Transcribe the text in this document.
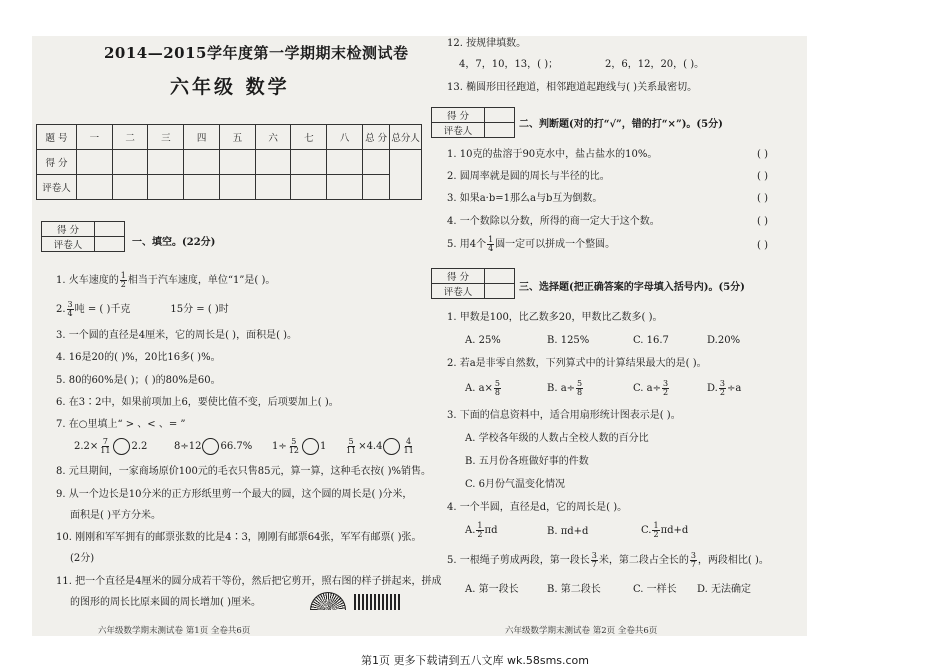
2014—2015学年度第一学期期末检测试卷
六年级 数学
题 号	一	二	三	四	五	六	七	八	总 分	总分人
得 分										
评卷人										
得 分	
评卷人		一、填空。(22分)
1. 火车速度的 $\frac{1}{2}$ 相当于汽车速度，单位“1”是( )。
2. $\frac{3}{4}$ 吨 = ( )千克	15分 = ( )时
3. 一个圆的直径是4厘米，它的周长是( )，面积是( )。
4. 16是20的( )%，20比16多( )%。
5. 80的60%是( )；( )的80%是60。
6. 在3∶2中，如果前项加上6，要使比值不变，后项要加上( )。
7. 在○里填上“ > 、< 、= ”
$2.2\times \frac{7}{11} 2.2$	8÷12 66.7% $1\div \frac{5}{12} 1 \frac{5}{11} \times 4.4$	$\frac{4}{11}$
8. 元旦期间，一家商场原价100元的毛衣只售85元，算一算，这种毛衣按( )%销售。
9. 从一个边长是10分米的正方形纸里剪一个最大的圆，这个圆的周长是( )分米，
面积是( )平方分米。
10. 刚刚和军军拥有的邮票张数的比是4∶3，刚刚有邮票64张，军军有邮票( )张。
(2分)
11. 把一个直径是4厘米的圆分成若干等份，然后把它剪开，照右图的样子拼起来，拼成
的图形的周长比原来圆的周长增加( )厘米。
六年级数学期末测试卷 第1页 全卷共6页
12. 按规律填数。
4，7，10，13，( )；	2，6，12，20，( )。
13. 椭圆形田径跑道，相邻跑道起跑线与( )关系最密切。
得 分	
评卷人	
二、判断题(对的打“√”，错的打“×”)。(5分)
1. 10克的盐溶于90克水中，盐占盐水的10%。	( )
2. 圆周率就是圆的周长与半径的比。	( )
3. 如果a·b=1那么a与b互为倒数。	( )
4. 一个数除以分数，所得的商一定大于这个数。	( )
5. 用4个 $\frac{1}{4}$ 圆一定可以拼成一个整圆。	( )
得 分	
评卷人		三、选择题(把正确答案的字母填入括号内)。(5分)
1. 甲数是100，比乙数多20，甲数比乙数多( )。
A. 25%	B. 125%	C. 16.7	D.20%
2. 若a是非零自然数，下列算式中的计算结果最大的是( )。
A. $a\times \frac{5}{8}$	B. $a\div \frac{5}{8}$	C. $a\div \frac{3}{2}$	D. $\frac{3}{2} \div a$
3. 下面的信息资料中，适合用扇形统计图表示是( )。
A. 学校各年级的人数占全校人数的百分比
B. 五月份各班做好事的件数
C. 6月份气温变化情况
4. 一个半圆，直径是d，它的周长是( )。
A. $\frac{1}{2}$ πd	B. πd+d	C. $\frac{1}{2} \pi d+d$
5. 一根绳子剪成两段，第一段长 $\frac{3}{7}$ 米，第二段占全长的 $\frac{3}{7}$ ，两段相比( )。
A. 第一段长	B. 第二段长	C. 一样长 D. 无法确定
六年级数学期末测试卷 第2页 全卷共6页
第1页 更多下载请到五八文库 wk.58sms.com
